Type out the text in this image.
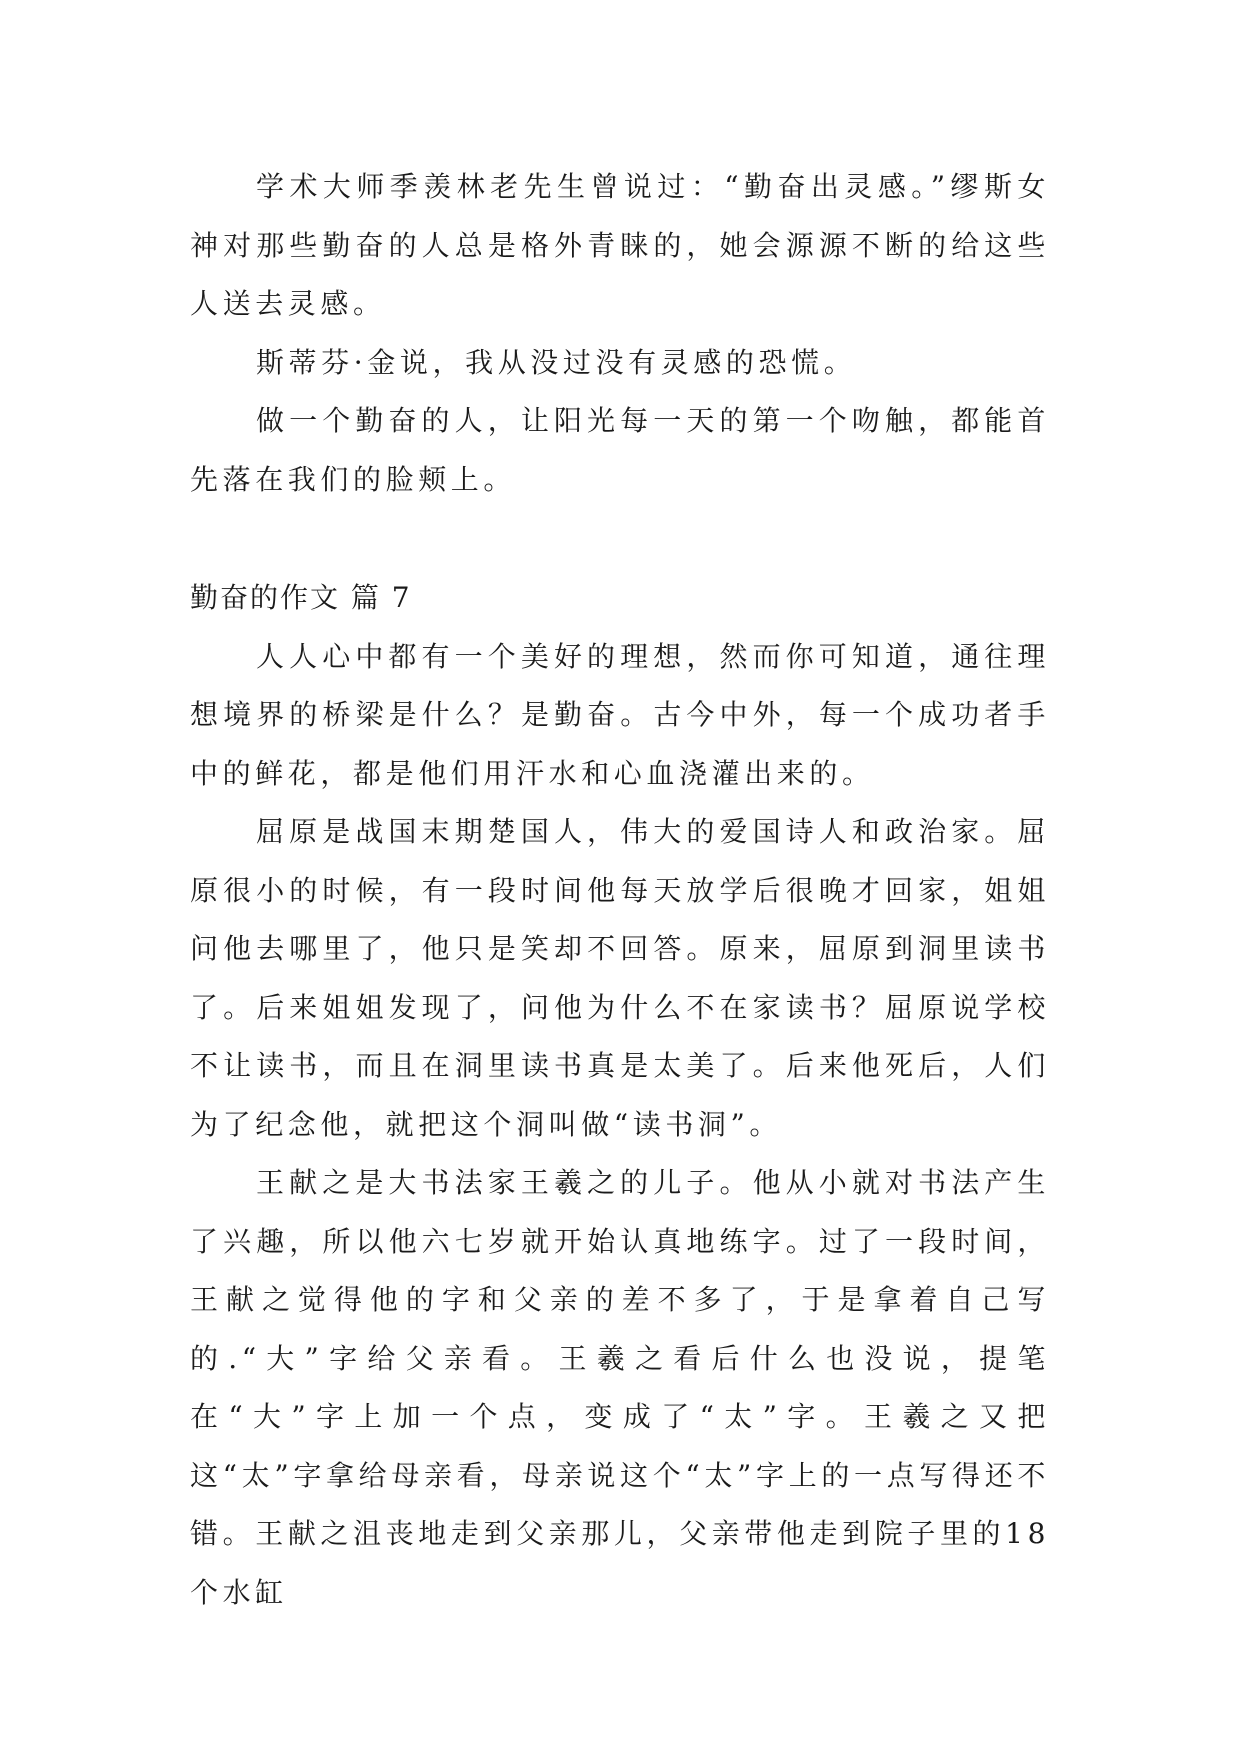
学术大师季羡林老先生曾说过：“勤奋出灵感。”缪斯女神对那些勤奋的人总是格外青睐的，她会源源不断的给这些人送去灵感。

斯蒂芬·金说，我从没过没有灵感的恐慌。

做一个勤奋的人，让阳光每一天的第一个吻触，都能首先落在我们的脸颊上。

勤奋的作文 篇 7

人人心中都有一个美好的理想，然而你可知道，通往理想境界的桥梁是什么？是勤奋。古今中外，每一个成功者手中的鲜花，都是他们用汗水和心血浇灌出来的。

屈原是战国末期楚国人，伟大的爱国诗人和政治家。屈原很小的时候，有一段时间他每天放学后很晚才回家，姐姐问他去哪里了，他只是笑却不回答。原来，屈原到洞里读书了。后来姐姐发现了，问他为什么不在家读书？屈原说学校不让读书，而且在洞里读书真是太美了。后来他死后，人们为了纪念他，就把这个洞叫做“读书洞”。

王献之是大书法家王羲之的儿子。他从小就对书法产生了兴趣，所以他六七岁就开始认真地练字。过了一段时间，王献之觉得他的字和父亲的差不多了，于是拿着自己写的.“大”字给父亲看。王羲之看后什么也没说，提笔在“大”字上加一个点，变成了“太”字。王羲之又把这“太”字拿给母亲看，母亲说这个“太”字上的一点写得还不错。王献之沮丧地走到父亲那儿，父亲带他走到院子里的18个水缸
